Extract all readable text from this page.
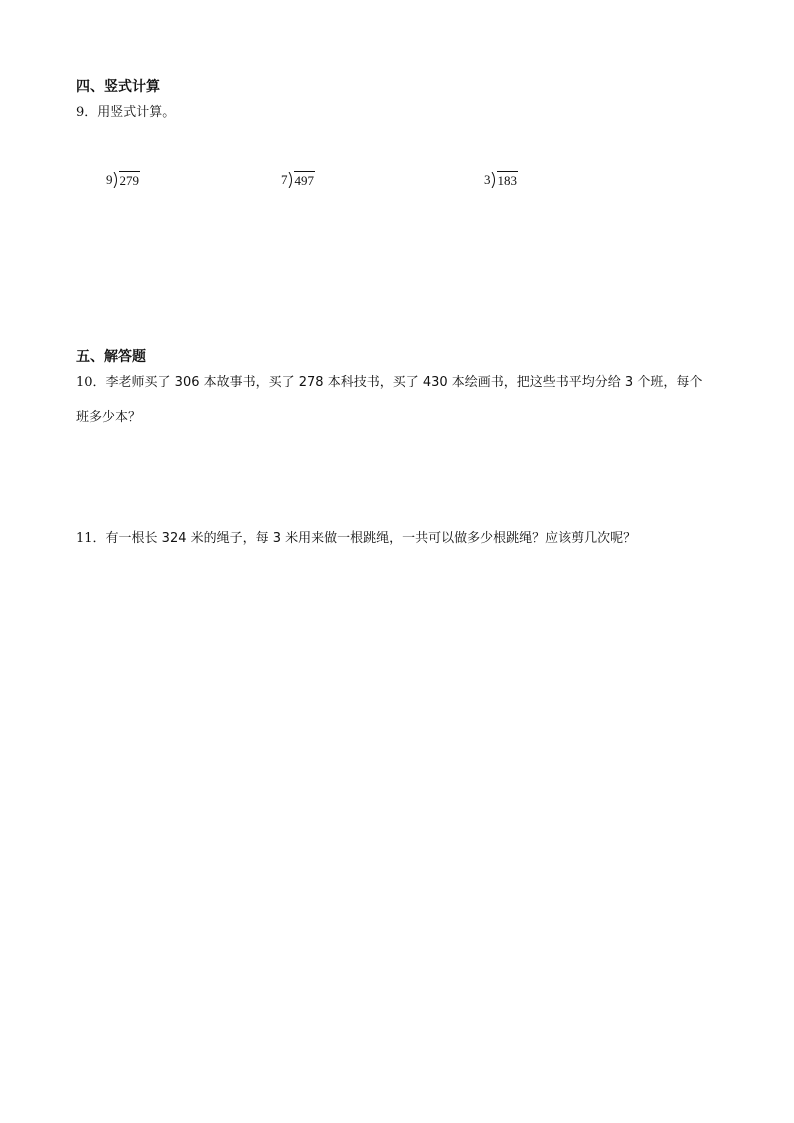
四、竖式计算
9．用竖式计算。
9 279	7 497	3 183
五、解答题
10．李老师买了 306 本故事书，买了 278 本科技书，买了 430 本绘画书，把这些书平均分给 3 个班，每个
班多少本？
11．有一根长 324 米的绳子，每 3 米用来做一根跳绳，一共可以做多少根跳绳？应该剪几次呢？
